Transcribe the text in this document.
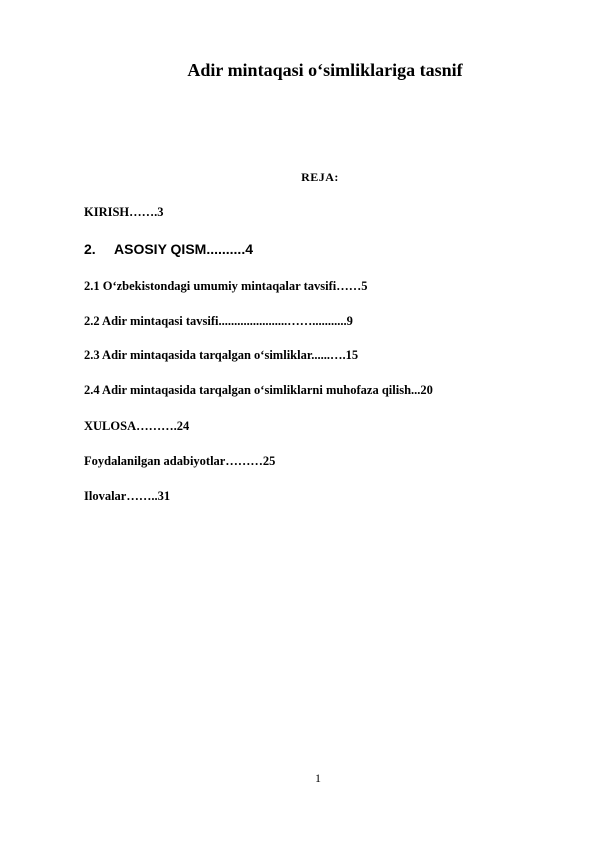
Adir mintaqasi o‘simliklariga tasnif
REJA:
KIRISH…….3
2. ASOSIY QISM..........4
2.1 O‘zbekistondagi umumiy mintaqalar tavsifi……5
2.2 Adir mintaqasi tavsifi......................……...........9
2.3 Adir mintaqasida tarqalgan o‘simliklar......….15
2.4 Adir mintaqasida tarqalgan o‘simliklarni muhofaza qilish...20
XULOSA……….24
Foydalanilgan adabiyotlar………25
Ilovalar……..31
1
